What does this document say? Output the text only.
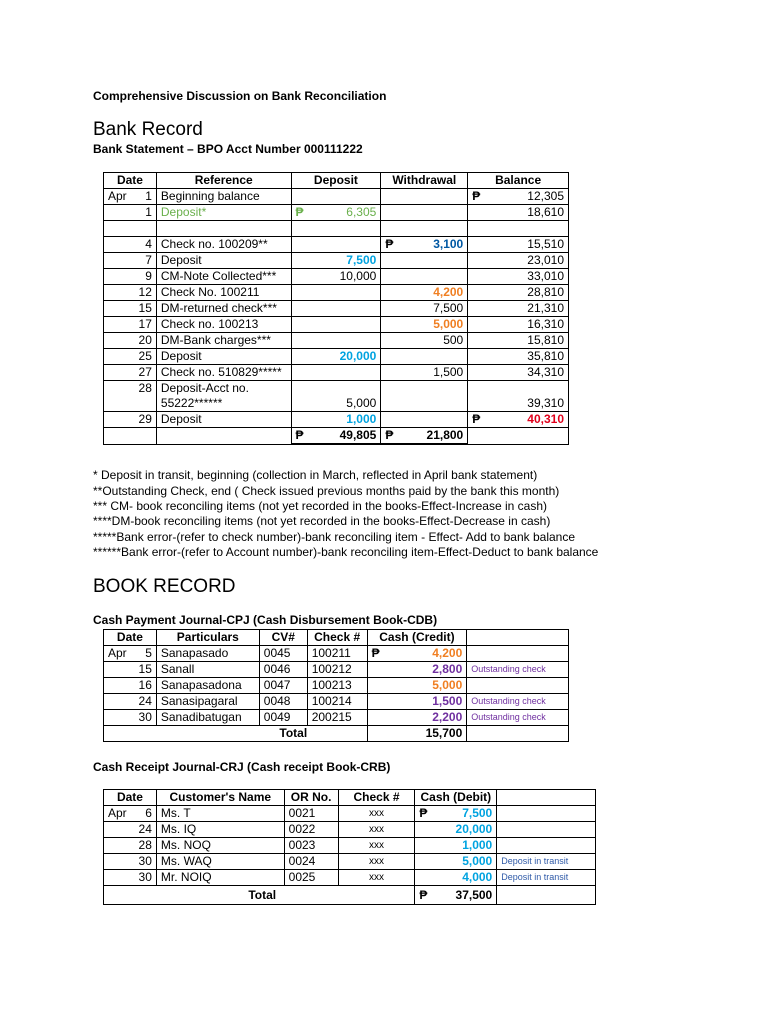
Comprehensive Discussion on Bank Reconciliation
Bank Record
Bank Statement – BPO Acct Number 000111222
Date	Reference	Deposit	Withdrawal	Balance

Apr 1	Beginning balance			₱ 12,305
1	Deposit*	₱ 6,305		18,610

4	Check no. 100209**		₱ 3,100	15,510
7	Deposit	7,500		23,010
9	CM-Note Collected***	10,000		33,010
12	Check No. 100211		4,200	28,810
15	DM-returned check***		7,500	21,310
17	Check no. 100213		5,000	16,310
20	DM-Bank charges***		500	15,810
25	Deposit	20,000		35,810
27	Check no. 510829*****		1,500	34,310
28	Deposit-Acct no.
55222******	5,000		39,310
29	Deposit	1,000		₱ 40,310

		₱ 49,805	₱ 21,800	
* Deposit in transit, beginning (collection in March, reflected in April bank statement)
**Outstanding Check, end ( Check issued previous months paid by the bank this month)
*** CM- book reconciling items (not yet recorded in the books-Effect-Increase in cash)
****DM-book reconciling items (not yet recorded in the books-Effect-Decrease in cash)
*****Bank error-(refer to check number)-bank reconciling item - Effect- Add to bank balance
******Bank error-(refer to Account number)-bank reconciling item-Effect-Deduct to bank balance
BOOK RECORD
Cash Payment Journal-CPJ (Cash Disbursement Book-CDB)
Date	Particulars	CV#	Check #	Cash (Credit)	

Apr 5	Sanapasado	0045	100211	₱ 4,200	
15	Sanall	0046	100212	2,800	Outstanding check
16	Sanapasadona	0047	100213	5,000	
24	Sanasipagaral	0048	100214	1,500	Outstanding check
30	Sanadibatugan	0049	200215	2,200	Outstanding check
Total				15,700	
Cash Receipt Journal-CRJ (Cash receipt Book-CRB)
Date	Customer's Name	OR No.	Check #	Cash (Debit)	

Apr 6	Ms. T	0021	xxx	₱ 7,500	
24	Ms. IQ	0022	xxx	20,000	
28	Ms. NOQ	0023	xxx	1,000	
30	Ms. WAQ	0024	xxx	5,000	Deposit in transit
30	Mr. NOIQ	0025	xxx	4,000	Deposit in transit
Total				₱ 37,500	
